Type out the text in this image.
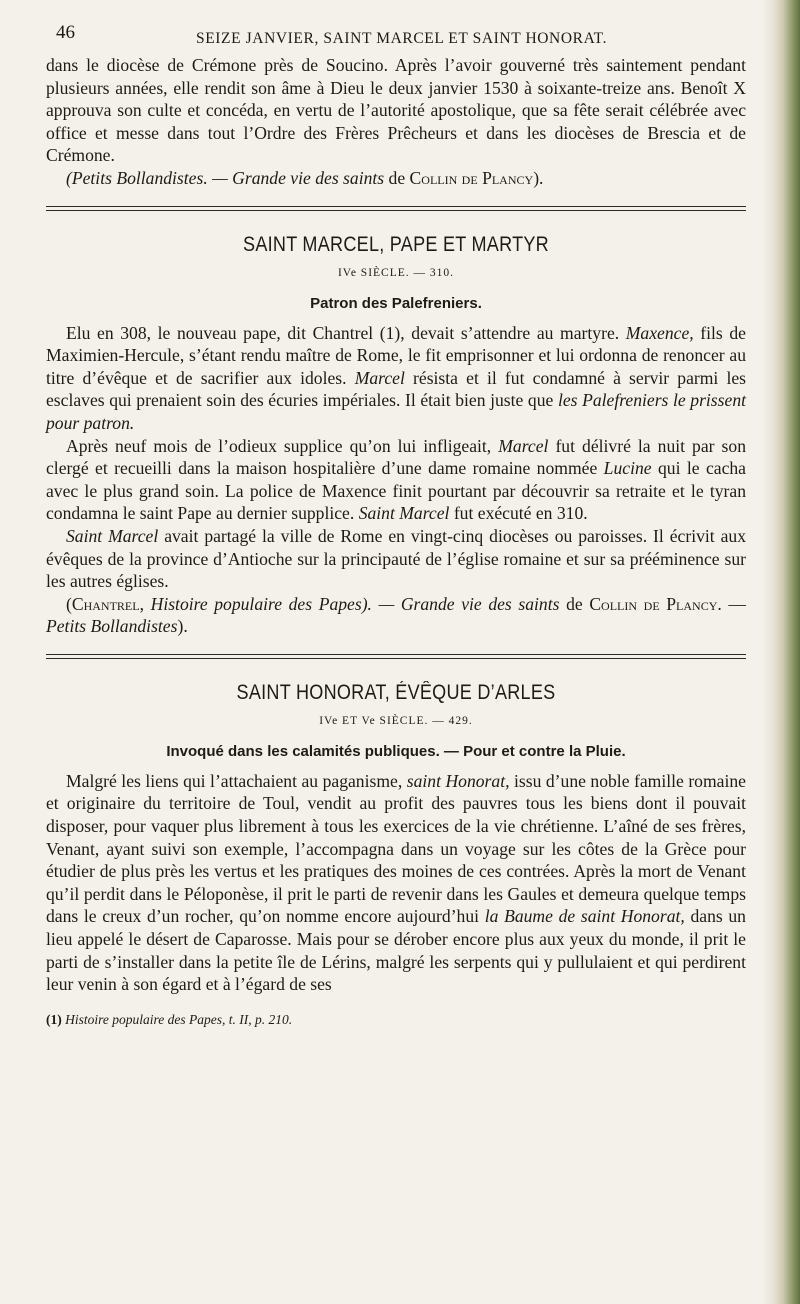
46	SEIZE JANVIER, SAINT MARCEL ET SAINT HONORAT.

dans le diocèse de Crémone près de Soucino. Après l’avoir gouverné très saintement pendant plusieurs années, elle rendit son âme à Dieu le deux janvier 1530 à soixante-treize ans. Benoît X approuva son culte et concéda, en vertu de l’autorité apostolique, que sa fête serait célébrée avec office et messe dans tout l’Ordre des Frères Prêcheurs et dans les diocèses de Brescia et de Crémone.

(Petits Bollandistes. — Grande vie des saints de Collin de Plancy).

SAINT MARCEL, PAPE ET MARTYR
IVe SIÈCLE. — 310.
Patron des Palefreniers.

Elu en 308, le nouveau pape, dit Chantrel (1), devait s’attendre au martyre. Maxence, fils de Maximien-Hercule, s’étant rendu maître de Rome, le fit emprisonner et lui ordonna de renoncer au titre d’évêque et de sacrifier aux idoles. Marcel résista et il fut condamné à servir parmi les esclaves qui prenaient soin des écuries impériales. Il était bien juste que les Palefreniers le prissent pour patron.

Après neuf mois de l’odieux supplice qu’on lui infligeait, Marcel fut délivré la nuit par son clergé et recueilli dans la maison hospitalière d’une dame romaine nommée Lucine qui le cacha avec le plus grand soin. La police de Maxence finit pourtant par découvrir sa retraite et le tyran condamna le saint Pape au dernier supplice. Saint Marcel fut exécuté en 310.

Saint Marcel avait partagé la ville de Rome en vingt-cinq diocèses ou paroisses. Il écrivit aux évêques de la province d’Antioche sur la principauté de l’église romaine et sur sa prééminence sur les autres églises.

(Chantrel, Histoire populaire des Papes). — Grande vie des saints de Collin de Plancy. — Petits Bollandistes).

SAINT HONORAT, ÉVÊQUE D’ARLES
IVe ET Ve SIÈCLE. — 429.
Invoqué dans les calamités publiques. — Pour et contre la Pluie.

Malgré les liens qui l’attachaient au paganisme, saint Honorat, issu d’une noble famille romaine et originaire du territoire de Toul, vendit au profit des pauvres tous les biens dont il pouvait disposer, pour vaquer plus librement à tous les exercices de la vie chrétienne. L’aîné de ses frères, Venant, ayant suivi son exemple, l’accompagna dans un voyage sur les côtes de la Grèce pour étudier de plus près les vertus et les pratiques des moines de ces contrées. Après la mort de Venant qu’il perdit dans le Péloponèse, il prit le parti de revenir dans les Gaules et demeura quelque temps dans le creux d’un rocher, qu’on nomme encore aujourd’hui la Baume de saint Honorat, dans un lieu appelé le désert de Caparosse. Mais pour se dérober encore plus aux yeux du monde, il prit le parti de s’installer dans la petite île de Lérins, malgré les serpents qui y pullulaient et qui perdirent leur venin à son égard et à l’égard de ses

(1) Histoire populaire des Papes, t. II, p. 210.
